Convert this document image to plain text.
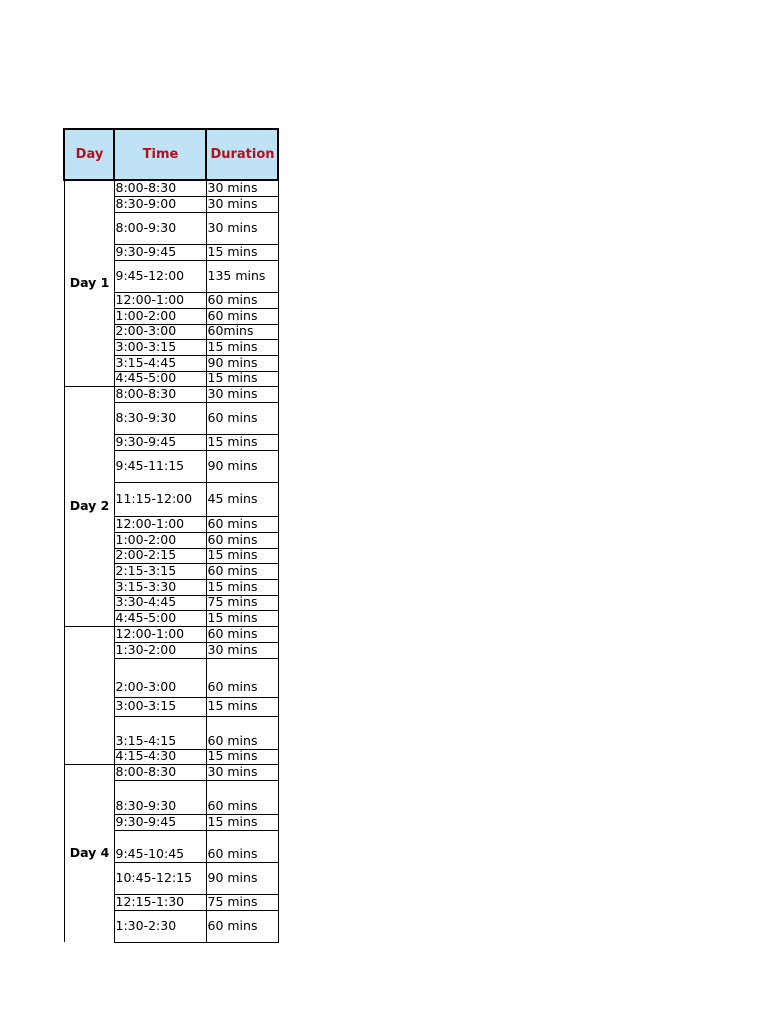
Day	Time	Duration
Day 1	8:00-8:30	30 mins
	8:30-9:00	30 mins
	8:00-9:30	30 mins
	9:30-9:45	15 mins
	9:45-12:00	135 mins
	12:00-1:00	60 mins
	1:00-2:00	60 mins
	2:00-3:00	60mins
	3:00-3:15	15 mins
	3:15-4:45	90 mins
	4:45-5:00	15 mins
Day 2	8:00-8:30	30 mins
	8:30-9:30	60 mins
	9:30-9:45	15 mins
	9:45-11:15	90 mins
	11:15-12:00	45 mins
	12:00-1:00	60 mins
	1:00-2:00	60 mins
	2:00-2:15	15 mins
	2:15-3:15	60 mins
	3:15-3:30	15 mins
	3:30-4:45	75 mins
	4:45-5:00	15 mins
	12:00-1:00	60 mins
	1:30-2:00	30 mins
	2:00-3:00	60 mins
	3:00-3:15	15 mins
	3:15-4:15	60 mins
	4:15-4:30	15 mins
Day 4	8:00-8:30	30 mins
	8:30-9:30	60 mins
	9:30-9:45	15 mins
	9:45-10:45	60 mins
	10:45-12:15	90 mins
	12:15-1:30	75 mins
	1:30-2:30	60 mins
